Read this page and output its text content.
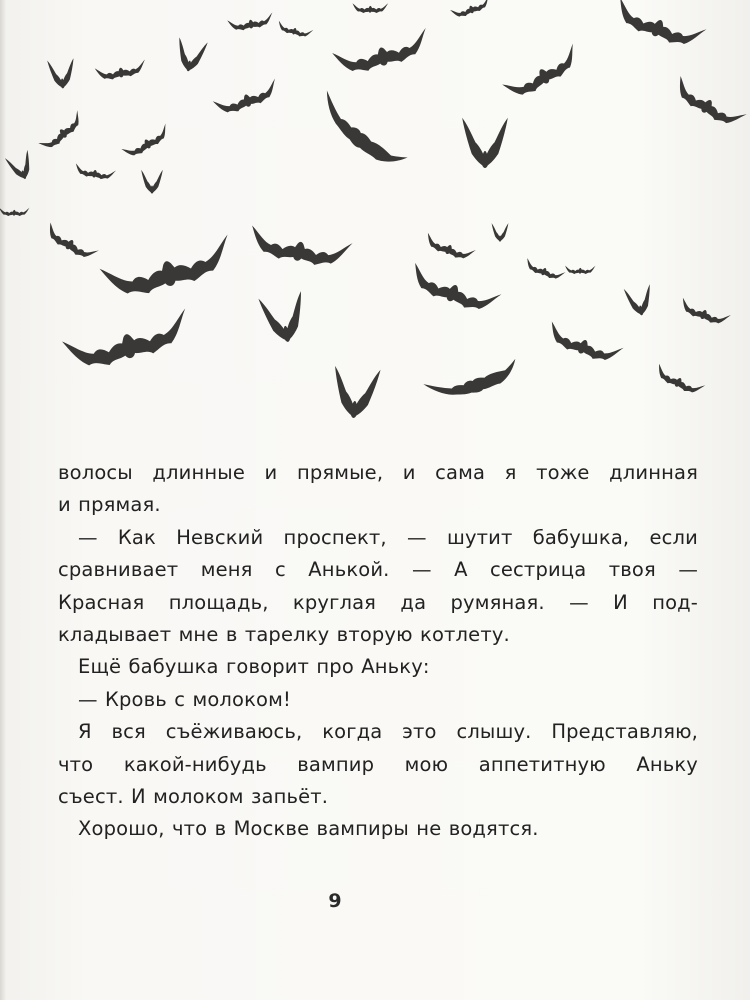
волосы длинные и прямые, и сама я тоже длинная
и прямая.
— Как Невский проспект, — шутит бабушка, если
сравнивает меня с Анькой. — А сестрица твоя —
Красная площадь, круглая да румяная. — И под-
кладывает мне в тарелку вторую котлету.
Ещё бабушка говорит про Аньку:
— Кровь с молоком!
Я вся съёживаюсь, когда это слышу. Представляю,
что какой-нибудь вампир мою аппетитную Аньку
съест. И молоком запьёт.
Хорошо, что в Москве вампиры не водятся.
9
